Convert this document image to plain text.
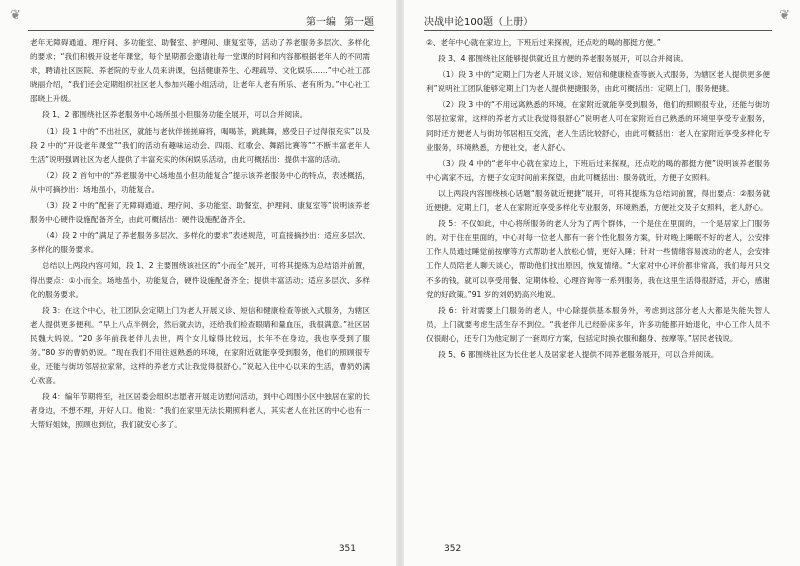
❦	第一编 第一题

老年无障碍通道、理疗间、多功能室、助餐室、护理间、康复室等，活动了养老服务多层次、多样化的要求；“我们积极开设老年课堂，每个星期都会邀请社每一堂课的时间和内容都根据老年人的不同需求，聘请社区医院、养老院的专业人员来讲课，包括健康养生、心理疏导、文化娱乐……”中心社工邵晓丽介绍，“我们还会定期组织社区老人参加兴趣小组活动，让老年人老有所乐、老有所为。”中心社工邵晓上升级。

段 1、2 都围绕社区养老服务中心场所虽小但服务功能全展开，可以合并阅读。

（1）段 1 中的“不出社区，就能与老伙伴搓搓麻将，喝喝茶，跳跳舞，感受日子过得很充实”以及段 2 中的“开设老年课堂”“我们的活动有趣味运动会、四雨、红歌会、舞蹈比赛等”“不断丰富老年人生活”说明强调社区为老人提供了丰富充实的休闲娱乐活动，由此可概括出：提供丰富的活动。

（2）段 2 首句中的“养老服务中心场地虽小但功能复合”提示该养老服务中心的特点，表述概括，从中可摘抄出：场地虽小，功能复合。

（3）段 2 中的“配套了无障碍通道、理疗间、多功能室、助餐室、护理间、康复室等”说明该养老服务中心硬件设施配备齐全，由此可概括出：硬件设施配备齐全。

（4）段 2 中的“满足了养老服务多层次、多样化的要求”表述规范，可直接摘抄出：适应多层次、多样化的服务要求。

总结以上两段内容可知，段 1、2 主要围绕该社区的“小而全”展开，可将其提炼为总结语并前置，得出要点：①小而全。场地虽小，功能复合，硬件设施配备齐全；提供丰富活动；适应多层次、多样化的服务要求。

段 3：在这个中心，社工团队会定期上门为老人开展义诊、短信和健康检查等嵌入式服务，为辖区老人提供更多便利。“早上八点半例会，然后就去访，还给我们检查眼睛和量血压，我很满意。”社区居民魏大妈说。“20 多年前我老伴儿去世，两个女儿嫁得比较远，长年不在身边，我也享受到了服务。”80 岁的曹奶奶说。“现在我们不用往返熟悉的环境，在家附近就能享受到服务，他们的照顾很专业，还能与街坊邻居拉家常，这样的养老方式让我觉得很舒心。”说起入住中心以来的生活，曹奶奶满心欢喜。

段 4：编年节期将至，社区居委会组织志愿者开展走访慰问活动，到中心周围小区中独居在家的长者身边，不想不理，开好人口。他说：“我们在家里无法长期照料老人，其实老人在社区的中心也有一大帮好姐妹，照顾也到位，我们就安心多了。

351
❦
决战申论100题（上册）

②、老年中心就在家边上，下班后过来探视，还点吃的喝的都挺方便。”

段 3、4 都围绕社区能够提供就近且方便的养老服务展开，可以合并阅读。

（1）段 3 中的“定期上门为老人开展义诊、短信和健康检查等嵌入式服务，为辖区老人提供更多便利”说明社工团队能够定期上门为老人提供便捷服务，由此可概括出：定期上门，服务便捷。

（2）段 3 中的“不用远离熟悉的环境，在家附近就能享受到服务，他们的照顾很专业，还能与街坊邻居拉家常，这样的养老方式让我觉得很舒心”说明老人可在家附近自己熟悉的环境里享受专业服务，同时还方便老人与街坊邻居相互交流，老人生活比较舒心，由此可概括出：老人在家附近享受多样化专业服务，环境熟悉，方便社交，老人舒心。

（3）段 4 中的“老年中心就在家边上，下班后过来探视，还点吃的喝的都挺方便”说明该养老服务中心离家不远，方便子女定时间前来探望，由此可概括出：服务就近，方便子女照料。

以上两段内容围绕核心话题“服务就近便捷”展开，可将其提炼为总结词前置，得出要点：②服务就近便捷。定期上门，老人在家附近享受多样化专业服务，环境熟悉，方便社交及子女照料，老人舒心。

段 5：不仅如此，中心将所服务的老人分为了两个群体，一个是住在里面的，一个是居家上门服务的。对于住在里面的，中心对每一位老人都有一套个性化服务方案，针对晚上睡眠不好的老人，公安排工作人员通过睡觉前按摩等方式帮助老人放松心情，更好入睡；针对一些情绪容易波动的老人，会安排工作人员陪老人聊天谈心，帮助他们找出原因，恢复情绪。“大家对中心评价都非常高，我们每月只交不多的钱，就可以享受用餐、定期体检、心理咨询等一系列服务，我在这里生活得很舒适，开心，感谢党的好政策。”91 岁的刘奶奶高兴地说。

段 6：针对需要上门服务的老人，中心除提供基本服务外，考虑到这部分老人大都是失能失智人员，上门就要考虑生活生存不到位。“我老伴儿已经卧床多年，许多功能都开始退化，中心工作人员不仅很耐心，还专门为他定制了一套周疗方案，包括定时换衣服和翻身、按摩等。”居民老钱说。

段 5、6 都围绕社区为长住老人及居家老人提供不同养老服务展开，可以合并阅读。

352
